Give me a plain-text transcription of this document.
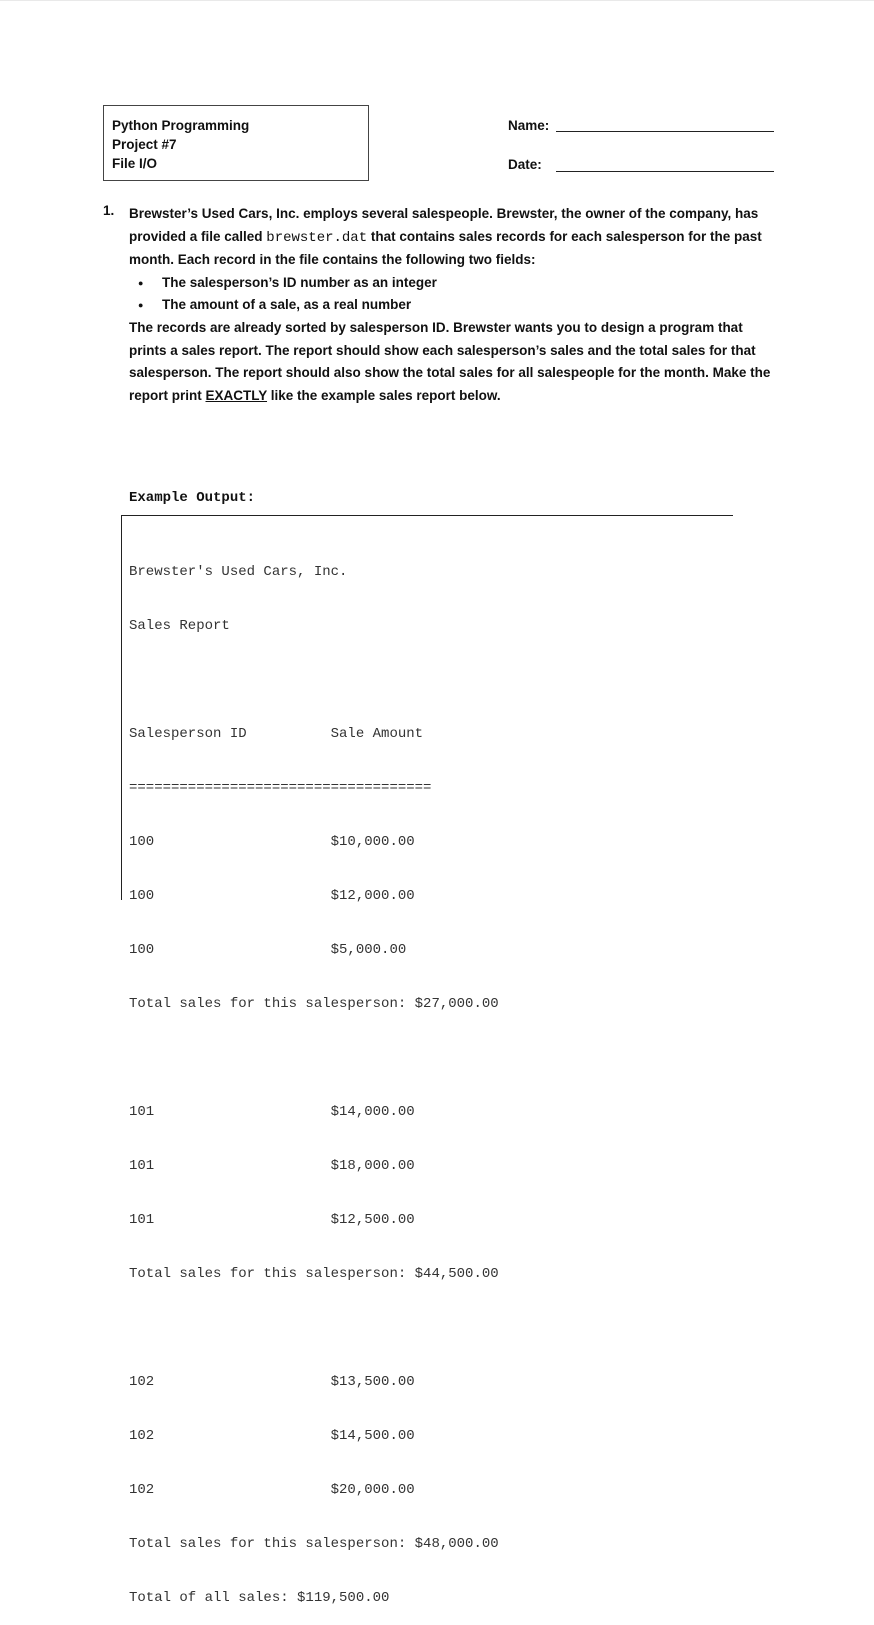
Python Programming
Project #7
File I/O
Name:
Date:
1. Brewster’s Used Cars, Inc. employs several salespeople. Brewster, the owner of the company, has provided a file called brewster.dat that contains sales records for each salesperson for the past month. Each record in the file contains the following two fields:
● The salesperson’s ID number as an integer
● The amount of a sale, as a real number
The records are already sorted by salesperson ID. Brewster wants you to design a program that prints a sales report. The report should show each salesperson’s sales and the total sales for that salesperson. The report should also show the total sales for all salespeople for the month. Make the report print EXACTLY like the example sales report below.
Example Output:

Brewster's Used Cars, Inc.

Sales Report

Salesperson ID          Sale Amount

====================================

100                     $10,000.00

100                     $12,000.00

100                     $5,000.00

Total sales for this salesperson: $27,000.00

101                     $14,000.00

101                     $18,000.00

101                     $12,500.00

Total sales for this salesperson: $44,500.00

102                     $13,500.00

102                     $14,500.00

102                     $20,000.00

Total sales for this salesperson: $48,000.00

Total of all sales: $119,500.00
